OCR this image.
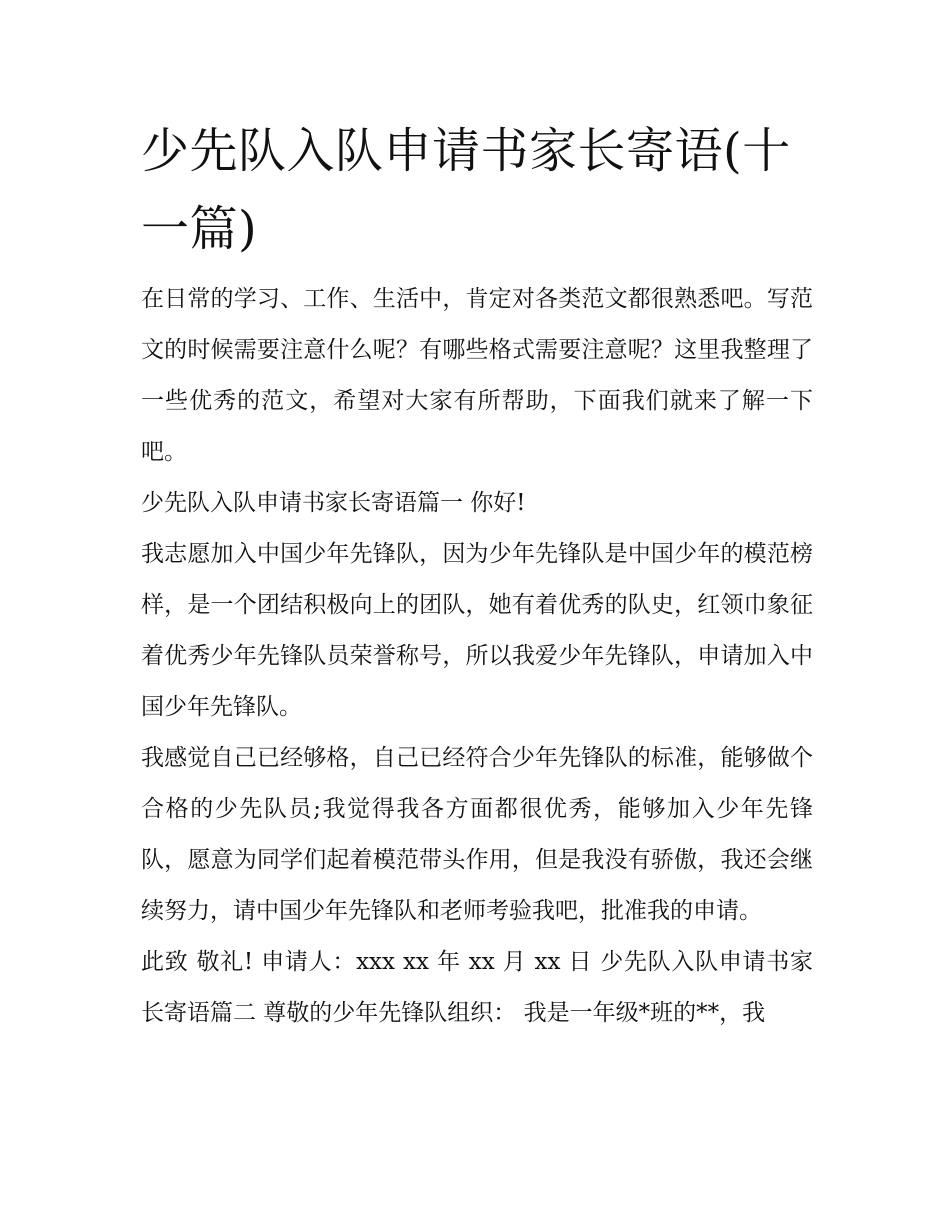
少先队入队申请书家长寄语(十一篇)

在日常的学习、工作、生活中，肯定对各类范文都很熟悉吧。写范文的时候需要注意什么呢？有哪些格式需要注意呢？这里我整理了一些优秀的范文，希望对大家有所帮助，下面我们就来了解一下吧。

少先队入队申请书家长寄语篇一 你好!

我志愿加入中国少年先锋队，因为少年先锋队是中国少年的模范榜样，是一个团结积极向上的团队，她有着优秀的队史，红领巾象征着优秀少年先锋队员荣誉称号，所以我爱少年先锋队，申请加入中国少年先锋队。

我感觉自己已经够格，自己已经符合少年先锋队的标准，能够做个合格的少先队员;我觉得我各方面都很优秀，能够加入少年先锋队，愿意为同学们起着模范带头作用，但是我没有骄傲，我还会继续努力，请中国少年先锋队和老师考验我吧，批准我的申请。

此致 敬礼! 申请人：xxx xx 年 xx 月 xx 日 少先队入队申请书家长寄语篇二 尊敬的少年先锋队组织： 我是一年级*班的**，我
